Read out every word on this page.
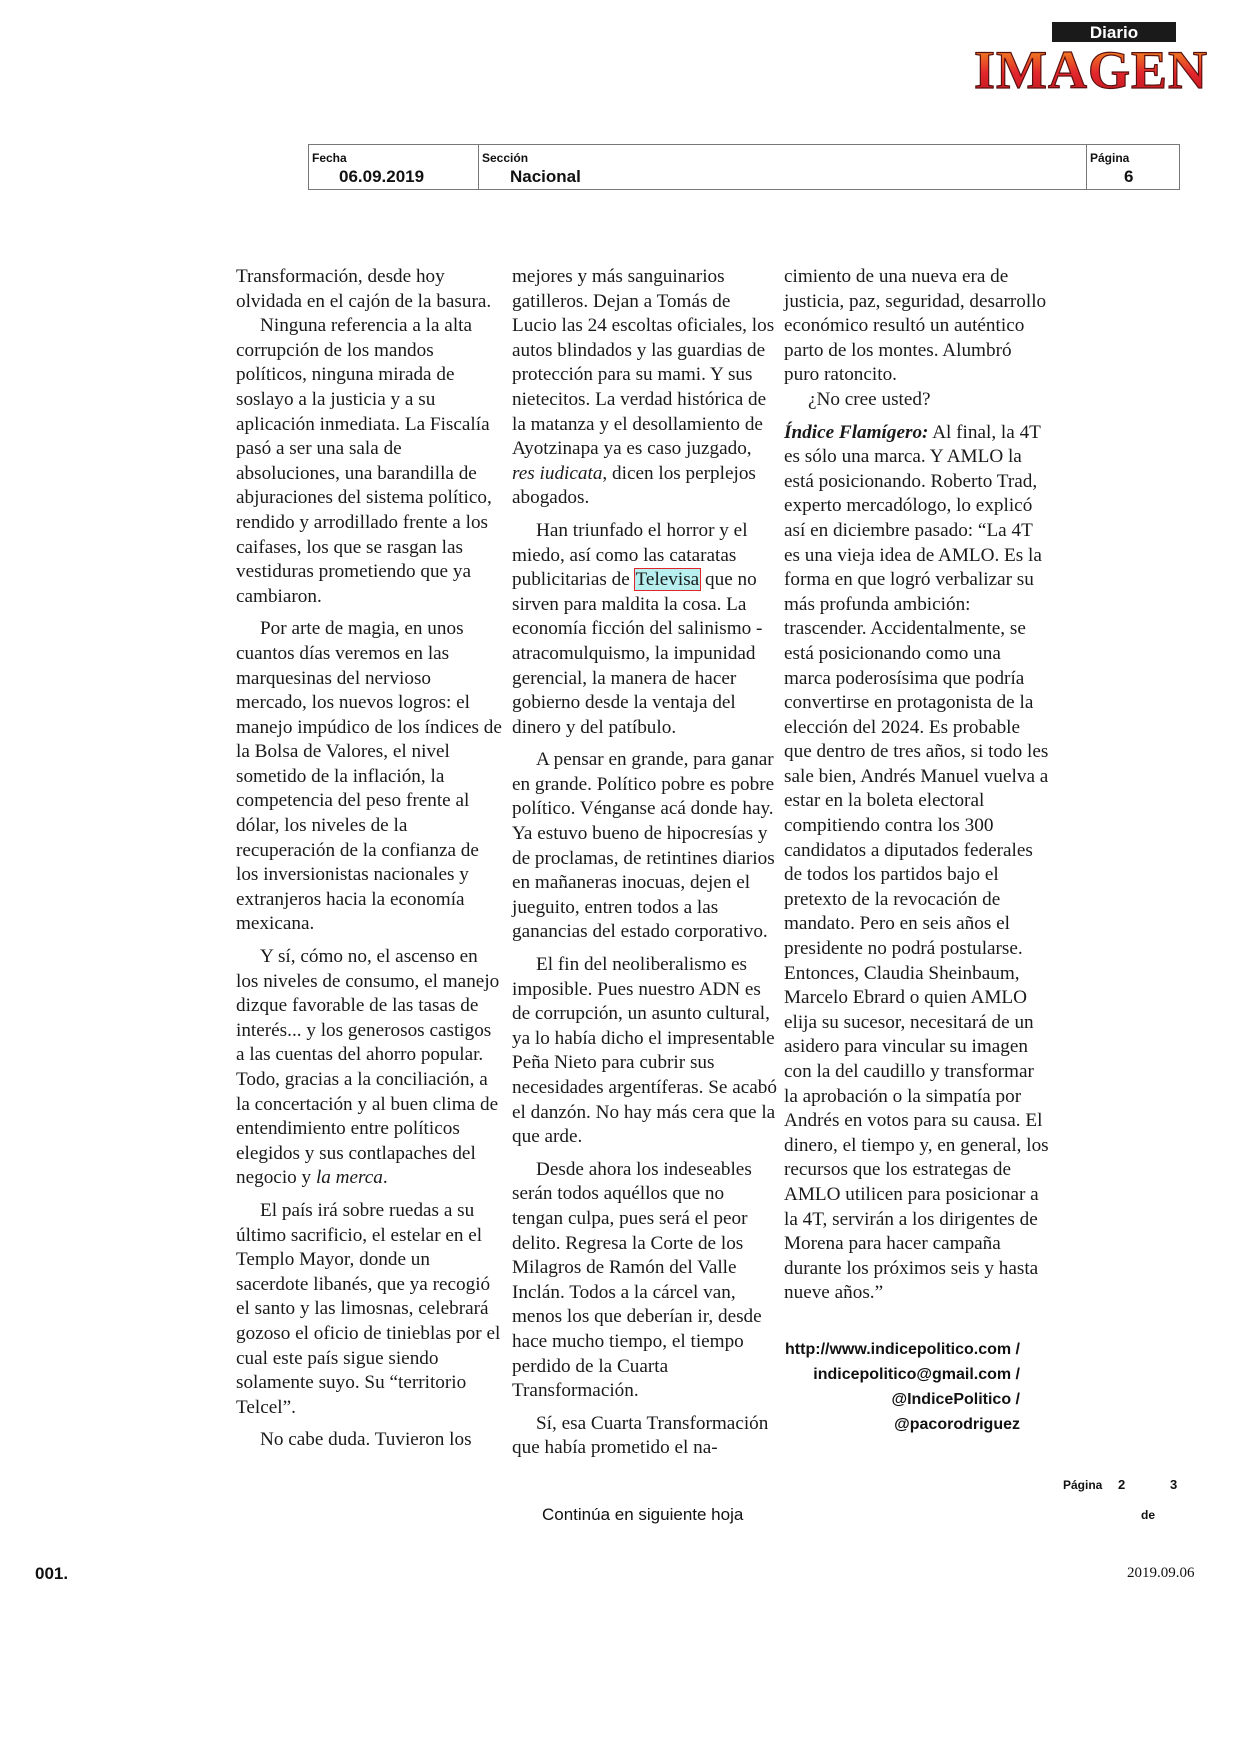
Diario
IMAGEN
Fecha
06.09.2019
Sección
Nacional
Página
6

Transformación, desde hoy olvidada en el cajón de la basura.

Ninguna referencia a la alta corrupción de los mandos políticos, ninguna mirada de soslayo a la justicia y a su aplicación inmediata. La Fiscalía pasó a ser una sala de absoluciones, una barandilla de abjuraciones del sistema político, rendido y arrodillado frente a los caifases, los que se rasgan las vestiduras prometiendo que ya cambiaron.

Por arte de magia, en unos cuantos días veremos en las marquesinas del nervioso mercado, los nuevos logros: el manejo impúdico de los índices de la Bolsa de Valores, el nivel sometido de la inflación, la competencia del peso frente al dólar, los niveles de la recuperación de la confianza de los inversionistas nacionales y extranjeros hacia la economía mexicana.

Y sí, cómo no, el ascenso en los niveles de consumo, el manejo dizque favorable de las tasas de interés... y los generosos castigos a las cuentas del ahorro popular. Todo, gracias a la conciliación, a la concertación y al buen clima de entendimiento entre políticos elegidos y sus contlapaches del negocio y la merca.

El país irá sobre ruedas a su último sacrificio, el estelar en el Templo Mayor, donde un sacerdote libanés, que ya recogió el santo y las limosnas, celebrará gozoso el oficio de tinieblas por el cual este país sigue siendo solamente suyo. Su “territorio Telcel”.

No cabe duda. Tuvieron los

mejores y más sanguinarios gatilleros. Dejan a Tomás de Lucio las 24 escoltas oficiales, los autos blindados y las guardias de protección para su mami. Y sus nietecitos. La verdad histórica de la matanza y el desollamiento de Ayotzinapa ya es caso juzgado, res iudicata, dicen los perplejos abogados.

Han triunfado el horror y el miedo, así como las cataratas publicitarias de Televisa que no sirven para maldita la cosa. La economía ficción del salinismo - atracomulquismo, la impunidad gerencial, la manera de hacer gobierno desde la ventaja del dinero y del patíbulo.

A pensar en grande, para ganar en grande. Político pobre es pobre político. Vénganse acá donde hay. Ya estuvo bueno de hipocresías y de proclamas, de retintines diarios en mañaneras inocuas, dejen el jueguito, entren todos a las ganancias del estado corporativo.

El fin del neoliberalismo es imposible. Pues nuestro ADN es de corrupción, un asunto cultural, ya lo había dicho el impresentable Peña Nieto para cubrir sus necesidades argentíferas. Se acabó el danzón. No hay más cera que la que arde.

Desde ahora los indeseables serán todos aquéllos que no tengan culpa, pues será el peor delito. Regresa la Corte de los Milagros de Ramón del Valle Inclán. Todos a la cárcel van, menos los que deberían ir, desde hace mucho tiempo, el tiempo perdido de la Cuarta Transformación.

Sí, esa Cuarta Transformación que había prometido el na-

cimiento de una nueva era de justicia, paz, seguridad, desarrollo económico resultó un auténtico parto de los montes. Alumbró puro ratoncito.

¿No cree usted?

Índice Flamígero: Al final, la 4T es sólo una marca. Y AMLO la está posicionando. Roberto Trad, experto mercadólogo, lo explicó así en diciembre pasado: “La 4T es una vieja idea de AMLO. Es la forma en que logró verbalizar su más profunda ambición: trascender. Accidentalmente, se está posicionando como una marca poderosísima que podría convertirse en protagonista de la elección del 2024. Es probable que dentro de tres años, si todo les sale bien, Andrés Manuel vuelva a estar en la boleta electoral compitiendo contra los 300 candidatos a diputados federales de todos los partidos bajo el pretexto de la revocación de mandato. Pero en seis años el presidente no podrá postularse. Entonces, Claudia Sheinbaum, Marcelo Ebrard o quien AMLO elija su sucesor, necesitará de un asidero para vincular su imagen con la del caudillo y transformar la aprobación o la simpatía por Andrés en votos para su causa. El dinero, el tiempo y, en general, los recursos que los estrategas de AMLO utilicen para posicionar a la 4T, servirán a los dirigentes de Morena para hacer campaña durante los próximos seis y hasta nueve años.”

http://www.indicepolitico.com /
indicepolitico@gmail.com /
@IndicePolitico /
@pacorodriguez
Página 2	3
de
Continúa en siguiente hoja
001.	2019.09.06
